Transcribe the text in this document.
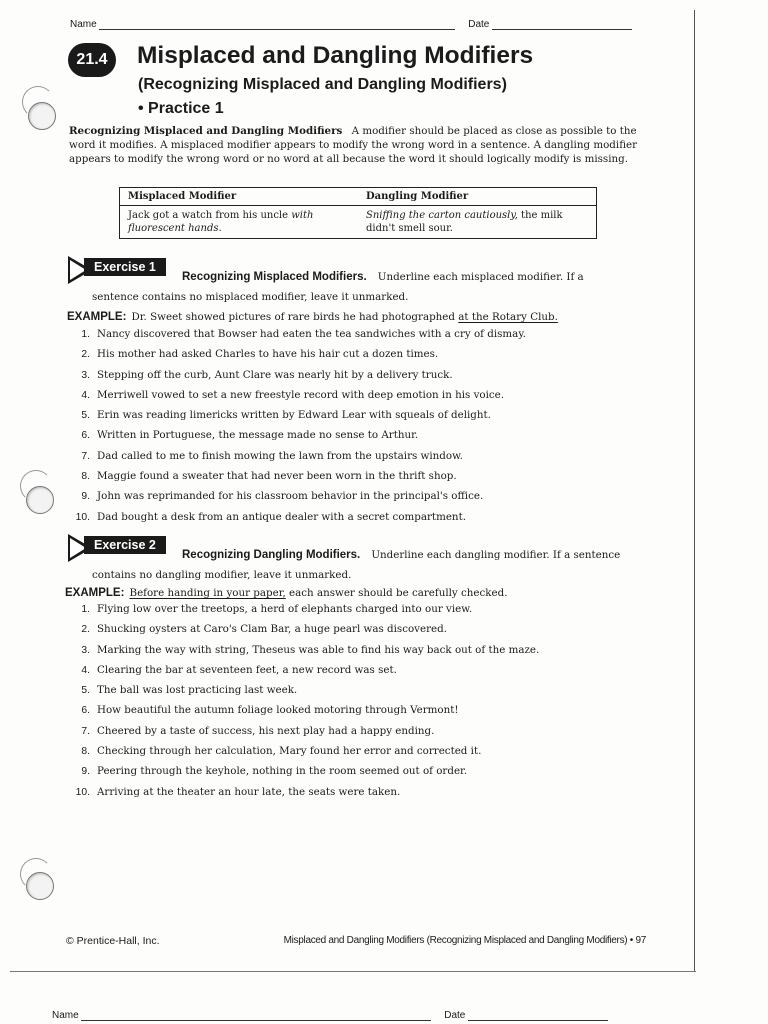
Name	Date
21.4	Misplaced and Dangling Modifiers
(Recognizing Misplaced and Dangling Modifiers)
• Practice 1
Recognizing Misplaced and Dangling Modifiers A modifier should be placed as close as possible to the word it modifies. A misplaced modifier appears to modify the wrong word in a sentence. A dangling modifier appears to modify the wrong word or no word at all because the word it should logically modify is missing.
Misplaced Modifier	Dangling Modifier
Jack got a watch from his uncle with fluorescent hands.	Sniffing the carton cautiously, the milk didn't smell sour.
Exercise 1
Recognizing Misplaced Modifiers. Underline each misplaced modifier. If a sentence contains no misplaced modifier, leave it unmarked.
EXAMPLE: Dr. Sweet showed pictures of rare birds he had photographed at the Rotary Club.
1. Nancy discovered that Bowser had eaten the tea sandwiches with a cry of dismay.
2. His mother had asked Charles to have his hair cut a dozen times.
3. Stepping off the curb, Aunt Clare was nearly hit by a delivery truck.
4. Merriwell vowed to set a new freestyle record with deep emotion in his voice.
5. Erin was reading limericks written by Edward Lear with squeals of delight.
6. Written in Portuguese, the message made no sense to Arthur.
7. Dad called to me to finish mowing the lawn from the upstairs window.
8. Maggie found a sweater that had never been worn in the thrift shop.
9. John was reprimanded for his classroom behavior in the principal's office.
10. Dad bought a desk from an antique dealer with a secret compartment.
Exercise 2
Recognizing Dangling Modifiers. Underline each dangling modifier. If a sentence contains no dangling modifier, leave it unmarked.
EXAMPLE: Before handing in your paper, each answer should be carefully checked.
1. Flying low over the treetops, a herd of elephants charged into our view.
2. Shucking oysters at Caro's Clam Bar, a huge pearl was discovered.
3. Marking the way with string, Theseus was able to find his way back out of the maze.
4. Clearing the bar at seventeen feet, a new record was set.
5. The ball was lost practicing last week.
6. How beautiful the autumn foliage looked motoring through Vermont!
7. Cheered by a taste of success, his next play had a happy ending.
8. Checking through her calculation, Mary found her error and corrected it.
9. Peering through the keyhole, nothing in the room seemed out of order.
10. Arriving at the theater an hour late, the seats were taken.
© Prentice-Hall, Inc.	Misplaced and Dangling Modifiers (Recognizing Misplaced and Dangling Modifiers) • 97
Name	Date
